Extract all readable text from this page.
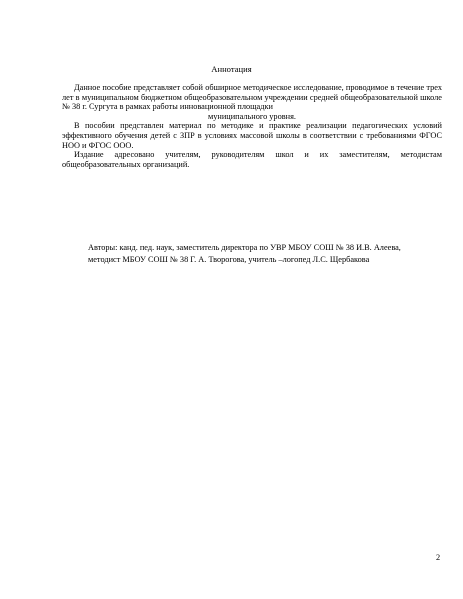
Аннотация

Данное пособие представляет собой обширное методическое исследование, проводимое в течение трех лет в муниципальном бюджетном общеобразовательном учреждении средней общеобразовательной школе № 38 г. Сургута в рамках работы инновационной площадки

муниципального уровня.

В пособии представлен материал по методике и практике реализации педагогических условий эффективного обучения детей с ЗПР в условиях массовой школы в соответствии с требованиями ФГОС НОО и ФГОС ООО.

Издание адресовано учителям, руководителям школ и их заместителям, методистам общеобразовательных организаций.

Авторы: канд. пед. наук, заместитель директора по УВР МБОУ СОШ № 38 И.В. Алеева,
методист МБОУ СОШ № 38 Г. А. Творогова, учитель –логопед Л.С. Щербакова
2
